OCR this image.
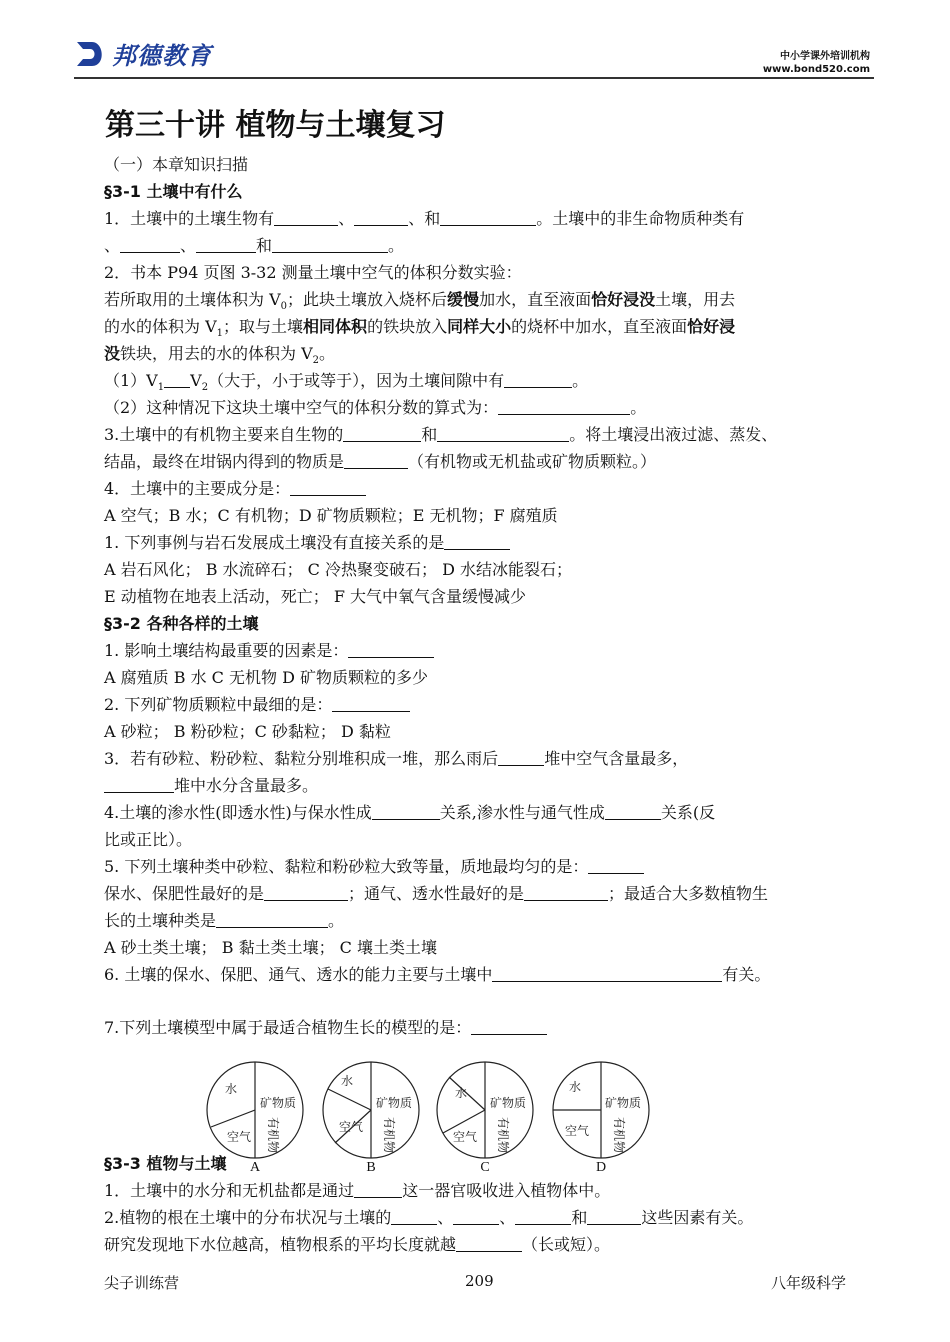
邦德教育	中小学课外培训机构
www.bond520.com
第三十讲 植物与土壤复习
（一）本章知识扫描
§3-1 土壤中有什么
1．土壤中的土壤生物有	、	、和	。土壤中的非生命物质种类有
、	、	和	。
2．书本 P94 页图 3-32 测量土壤中空气的体积分数实验：
若所取用的土壤体积为 $V_0$；此块土壤放入烧杯后缓慢加水，直至液面恰好浸没土壤，用去
的水的体积为 $V_1$；取与土壤相同体积的铁块放入同样大小的烧杯中加水，直至液面恰好浸
没铁块，用去的水的体积为 $V_2$。
$(1)V_1$ $V_2$（大于，小于或等于），因为土壤间隙中有	。
（2）这种情况下这块土壤中空气的体积分数的算式为：	。
3.土壤中的有机物主要来自生物的	和	。将土壤浸出液过滤、蒸发、
结晶，最终在坩锅内得到的物质是	（有机物或无机盐或矿物质颗粒。）
4．土壤中的主要成分是：
A 空气；B 水；C 有机物；D 矿物质颗粒；E 无机物；F 腐殖质
1. 下列事例与岩石发展成土壤没有直接关系的是
A 岩石风化； B 水流碎石； C 冷热聚变破石； D 水结冰能裂石；
E 动植物在地表上活动，死亡； F 大气中氧气含量缓慢减少
§3-2 各种各样的土壤
1. 影响土壤结构最重要的因素是：
A 腐殖质 B 水 C 无机物 D 矿物质颗粒的多少
2. 下列矿物质颗粒中最细的是：
A 砂粒； B 粉砂粒；C 砂黏粒； D 黏粒
3．若有砂粒、粉砂粒、黏粒分别堆积成一堆，那么雨后	堆中空气含量最多，
堆中水分含量最多。
4.土壤的渗水性(即透水性)与保水性成	关系,渗水性与通气性成	关系(反
比或正比）。
5. 下列土壤种类中砂粒、黏粒和粉砂粒大致等量，质地最均匀的是：
保水、保肥性最好的是	；通气、透水性最好的是	；最适合大多数植物生
长的土壤种类是	。
A 砂土类土壤； B 黏土类土壤； C 壤土类土壤
6. 土壤的保水、保肥、通气、透水的能力主要与土壤中	有关。
7.下列土壤模型中属于最适合植物生长的模型的是：
水
矿物质
空气 有机物
A
水
矿物质
空气 有机物
B
水
矿物质
空气 有机物
C
水
矿物质
空气 有机物
D
§3-3 植物与土壤
1．土壤中的水分和无机盐都是通过	这一器官吸收进入植物体中。
2.植物的根在土壤中的分布状况与土壤的	、	、	和	这些因素有关。
研究发现地下水位越高，植物根系的平均长度就越	（长或短）。
尖子训练营	209	八年级科学
